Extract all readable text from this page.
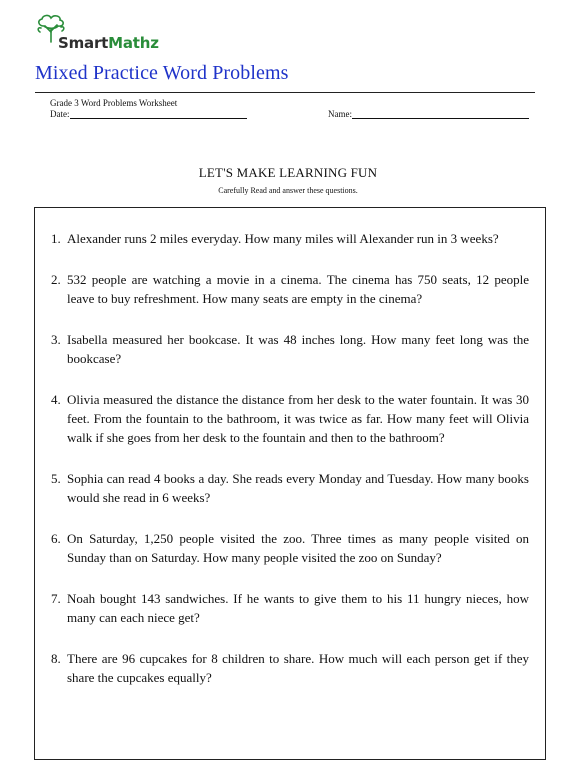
SmartMathz
Mixed Practice Word Problems
Grade 3 Word Problems Worksheet
Date:	Name:
LET'S MAKE LEARNING FUN
Carefully Read and answer these questions.
1. Alexander runs 2 miles everyday. How many miles will Alexander run in 3 weeks?
2. 532 people are watching a movie in a cinema. The cinema has 750 seats, 12 people leave to buy refreshment. How many seats are empty in the cinema?
3. Isabella measured her bookcase. It was 48 inches long. How many feet long was the bookcase?
4. Olivia measured the distance the distance from her desk to the water fountain. It was 30 feet. From the fountain to the bathroom, it was twice as far. How many feet will Olivia walk if she goes from her desk to the fountain and then to the bathroom?
5. Sophia can read 4 books a day. She reads every Monday and Tuesday. How many books would she read in 6 weeks?
6. On Saturday, 1,250 people visited the zoo. Three times as many people visited on Sunday than on Saturday. How many people visited the zoo on Sunday?
7. Noah bought 143 sandwiches. If he wants to give them to his 11 hungry nieces, how many can each niece get?
8. There are 96 cupcakes for 8 children to share. How much will each person get if they share the cupcakes equally?
